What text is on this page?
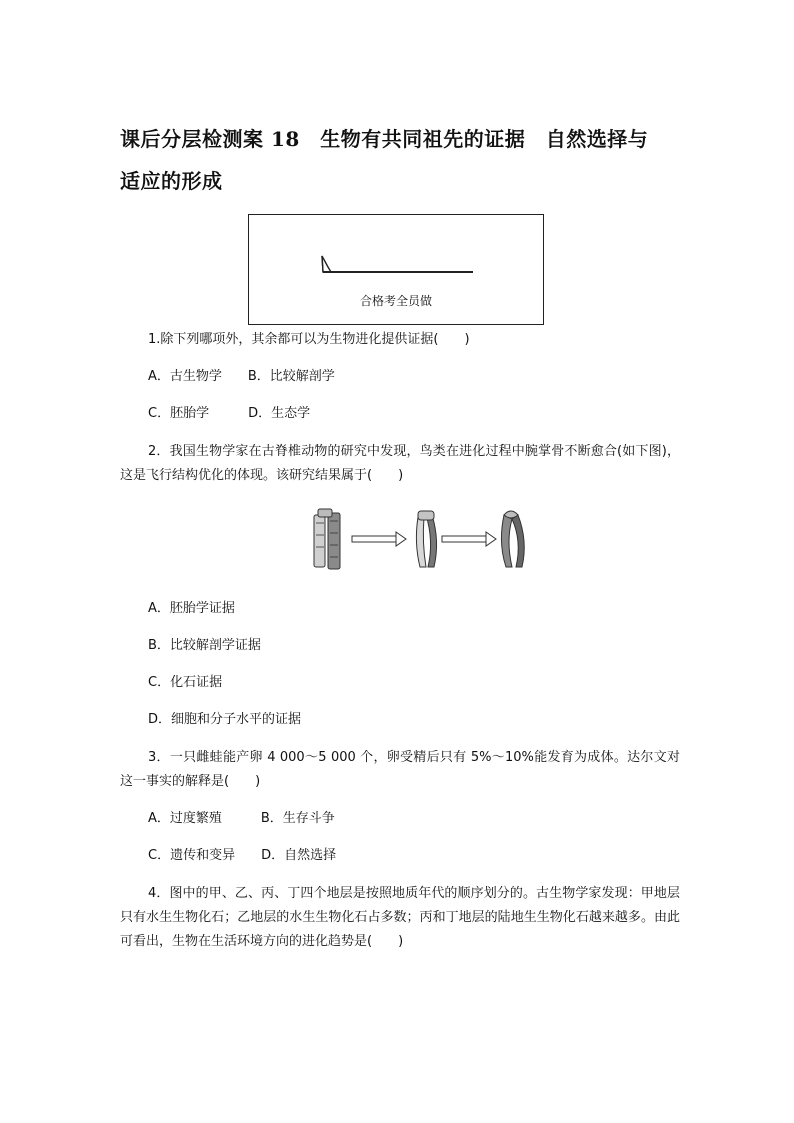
课后分层检测案 18　生物有共同祖先的证据　自然选择与
适应的形成
合格考全员做
1.除下列哪项外，其余都可以为生物进化提供证据(　　)
A．古生物学　　B．比较解剖学
C．胚胎学　　　D．生态学
2．我国生物学家在古脊椎动物的研究中发现，鸟类在进化过程中腕掌骨不断愈合(如下图)，这是飞行结构优化的体现。该研究结果属于(　　)
A．胚胎学证据
B．比较解剖学证据
C．化石证据
D．细胞和分子水平的证据
3．一只雌蛙能产卵 4 000～5 000 个，卵受精后只有 5%～10%能发育为成体。达尔文对这一事实的解释是(　　)
A．过度繁殖　　　B．生存斗争
C．遗传和变异　　D．自然选择
4．图中的甲、乙、丙、丁四个地层是按照地质年代的顺序划分的。古生物学家发现：甲地层只有水生生物化石；乙地层的水生生物化石占多数；丙和丁地层的陆地生生物化石越来越多。由此可看出，生物在生活环境方向的进化趋势是(　　)
